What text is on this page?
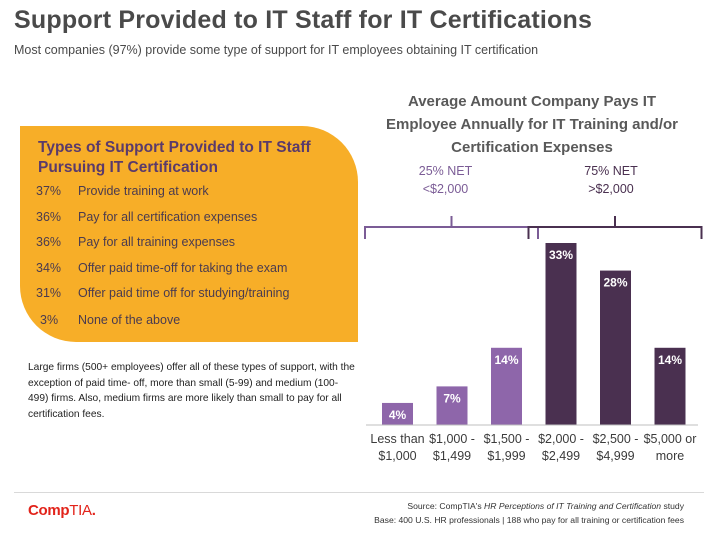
Support Provided to IT Staff for IT Certifications
Most companies (97%) provide some type of support for IT employees obtaining IT certification
Types of Support Provided to IT Staff Pursuing IT Certification
37%	Provide training at work
36%	Pay for all certification expenses
36%	Pay for all training expenses
34%	Offer paid time-off for taking the exam
31%	Offer paid time off for studying/training
3%	None of the above
Large firms (500+ employees) offer all of these types of support, with the exception of paid time- off, more than small (5-99) and medium (100-499) firms. Also, medium firms are more likely than small to pay for all certification fees.
Average Amount Company Pays IT Employee Annually for IT Training and/or Certification Expenses
25% NET
<$2,000
75% NET
>$2,000
4%
Less than
$1,000
7%
$1,000 -
$1,499
14%
$1,500 -
$1,999
33%
$2,000 -
$2,499
28%
$2,500 -
$4,999
14%
$5,000 or
more
CompTIA.	Source: CompTIA's HR Perceptions of IT Training and Certification study
Base: 400 U.S. HR professionals | 188 who pay for all training or certification fees
